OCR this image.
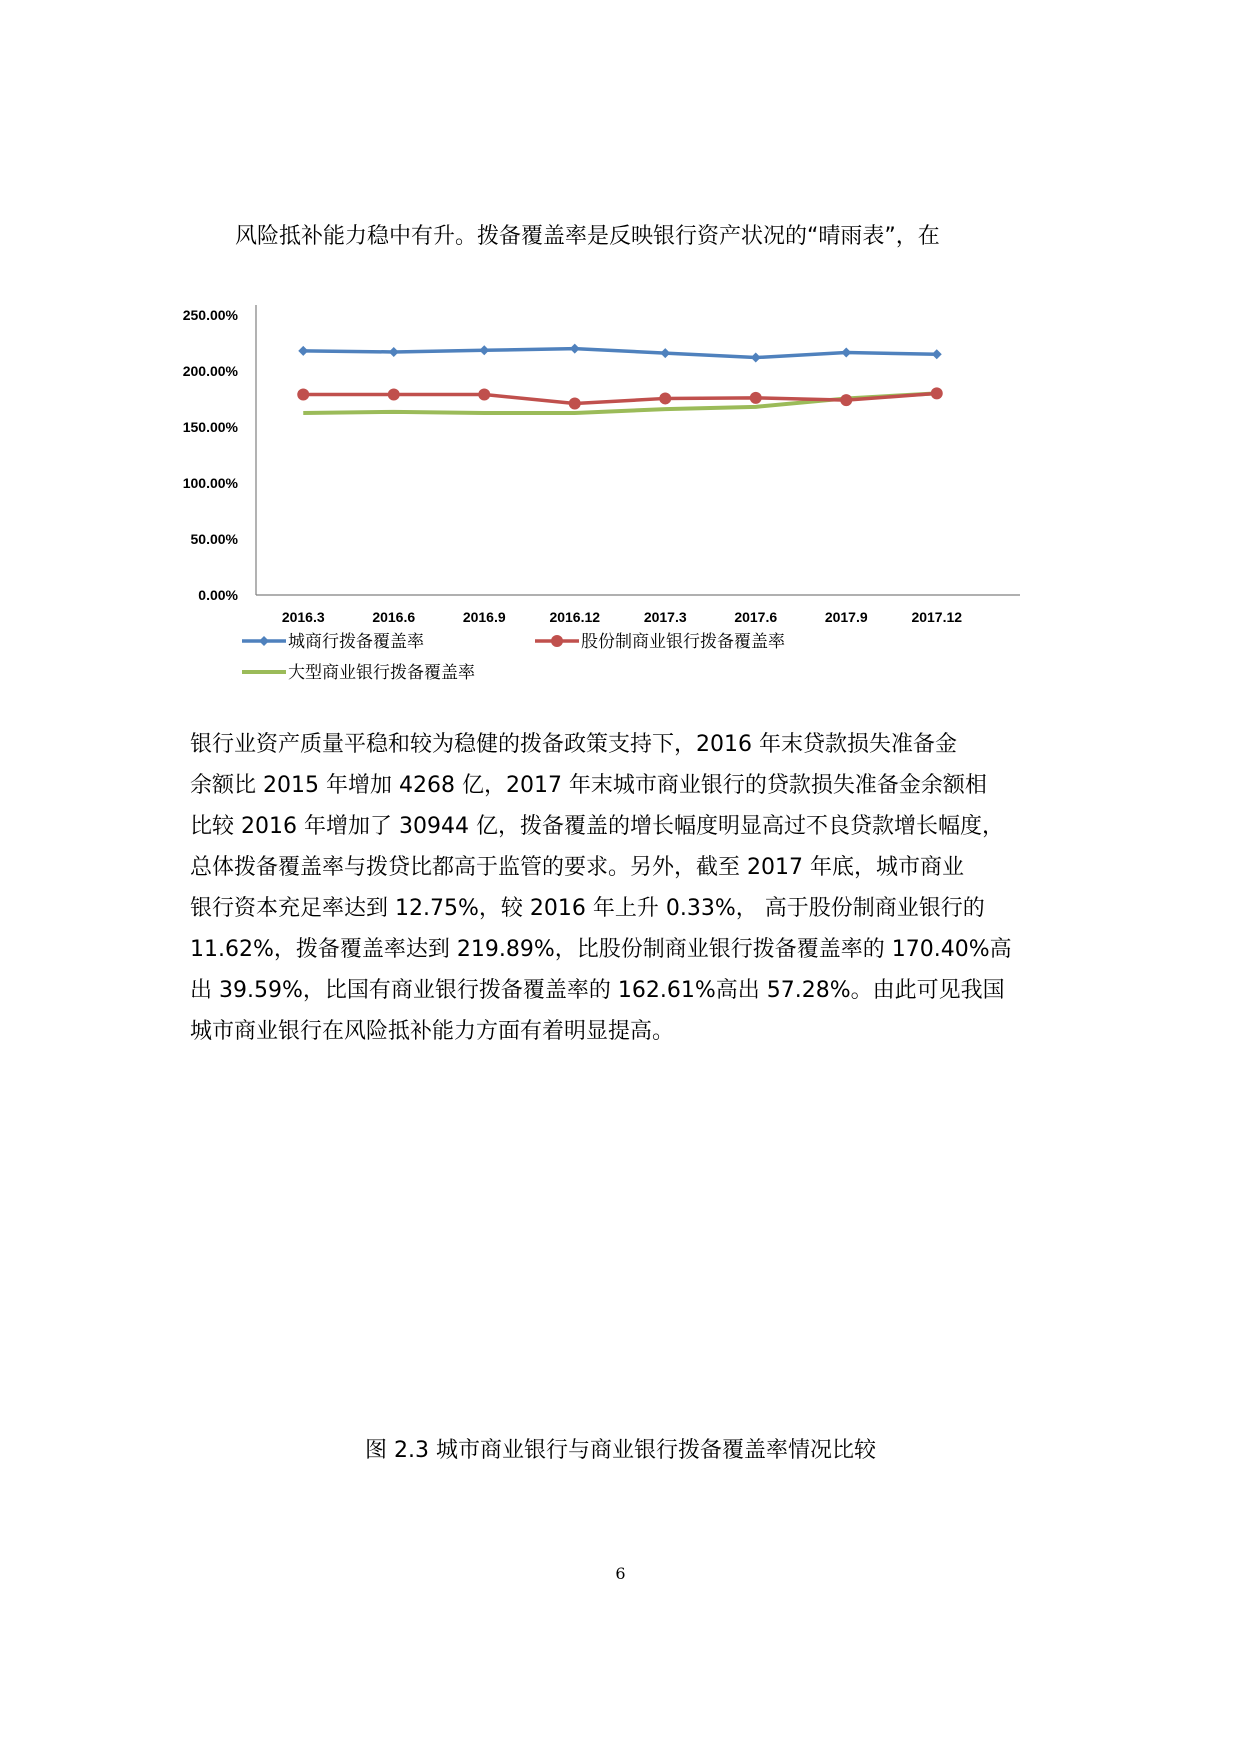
风险抵补能力稳中有升。拨备覆盖率是反映银行资产状况的“晴雨表”，在

250.00%
200.00%
150.00%
100.00%
50.00%
0.00%
2016.3	2016.6	2016.9	2016.12	2017.3	2017.6	2017.9	2017.12
城商行拨备覆盖率	股份制商业银行拨备覆盖率
大型商业银行拨备覆盖率

银行业资产质量平稳和较为稳健的拨备政策支持下，2016 年末贷款损失准备金

余额比 2015 年增加 4268 亿，2017 年末城市商业银行的贷款损失准备金余额相

比较 2016 年增加了 30944 亿，拨备覆盖的增长幅度明显高过不良贷款增长幅度，

总体拨备覆盖率与拨贷比都高于监管的要求。另外，截至 2017 年底，城市商业

银行资本充足率达到 12.75%，较 2016 年上升 0.33%， 高于股份制商业银行的

11.62%，拨备覆盖率达到 219.89%，比股份制商业银行拨备覆盖率的 170.40%高

出 39.59%，比国有商业银行拨备覆盖率的 162.61%高出 57.28%。由此可见我国

城市商业银行在风险抵补能力方面有着明显提高。

图 2.3 城市商业银行与商业银行拨备覆盖率情况比较

6
